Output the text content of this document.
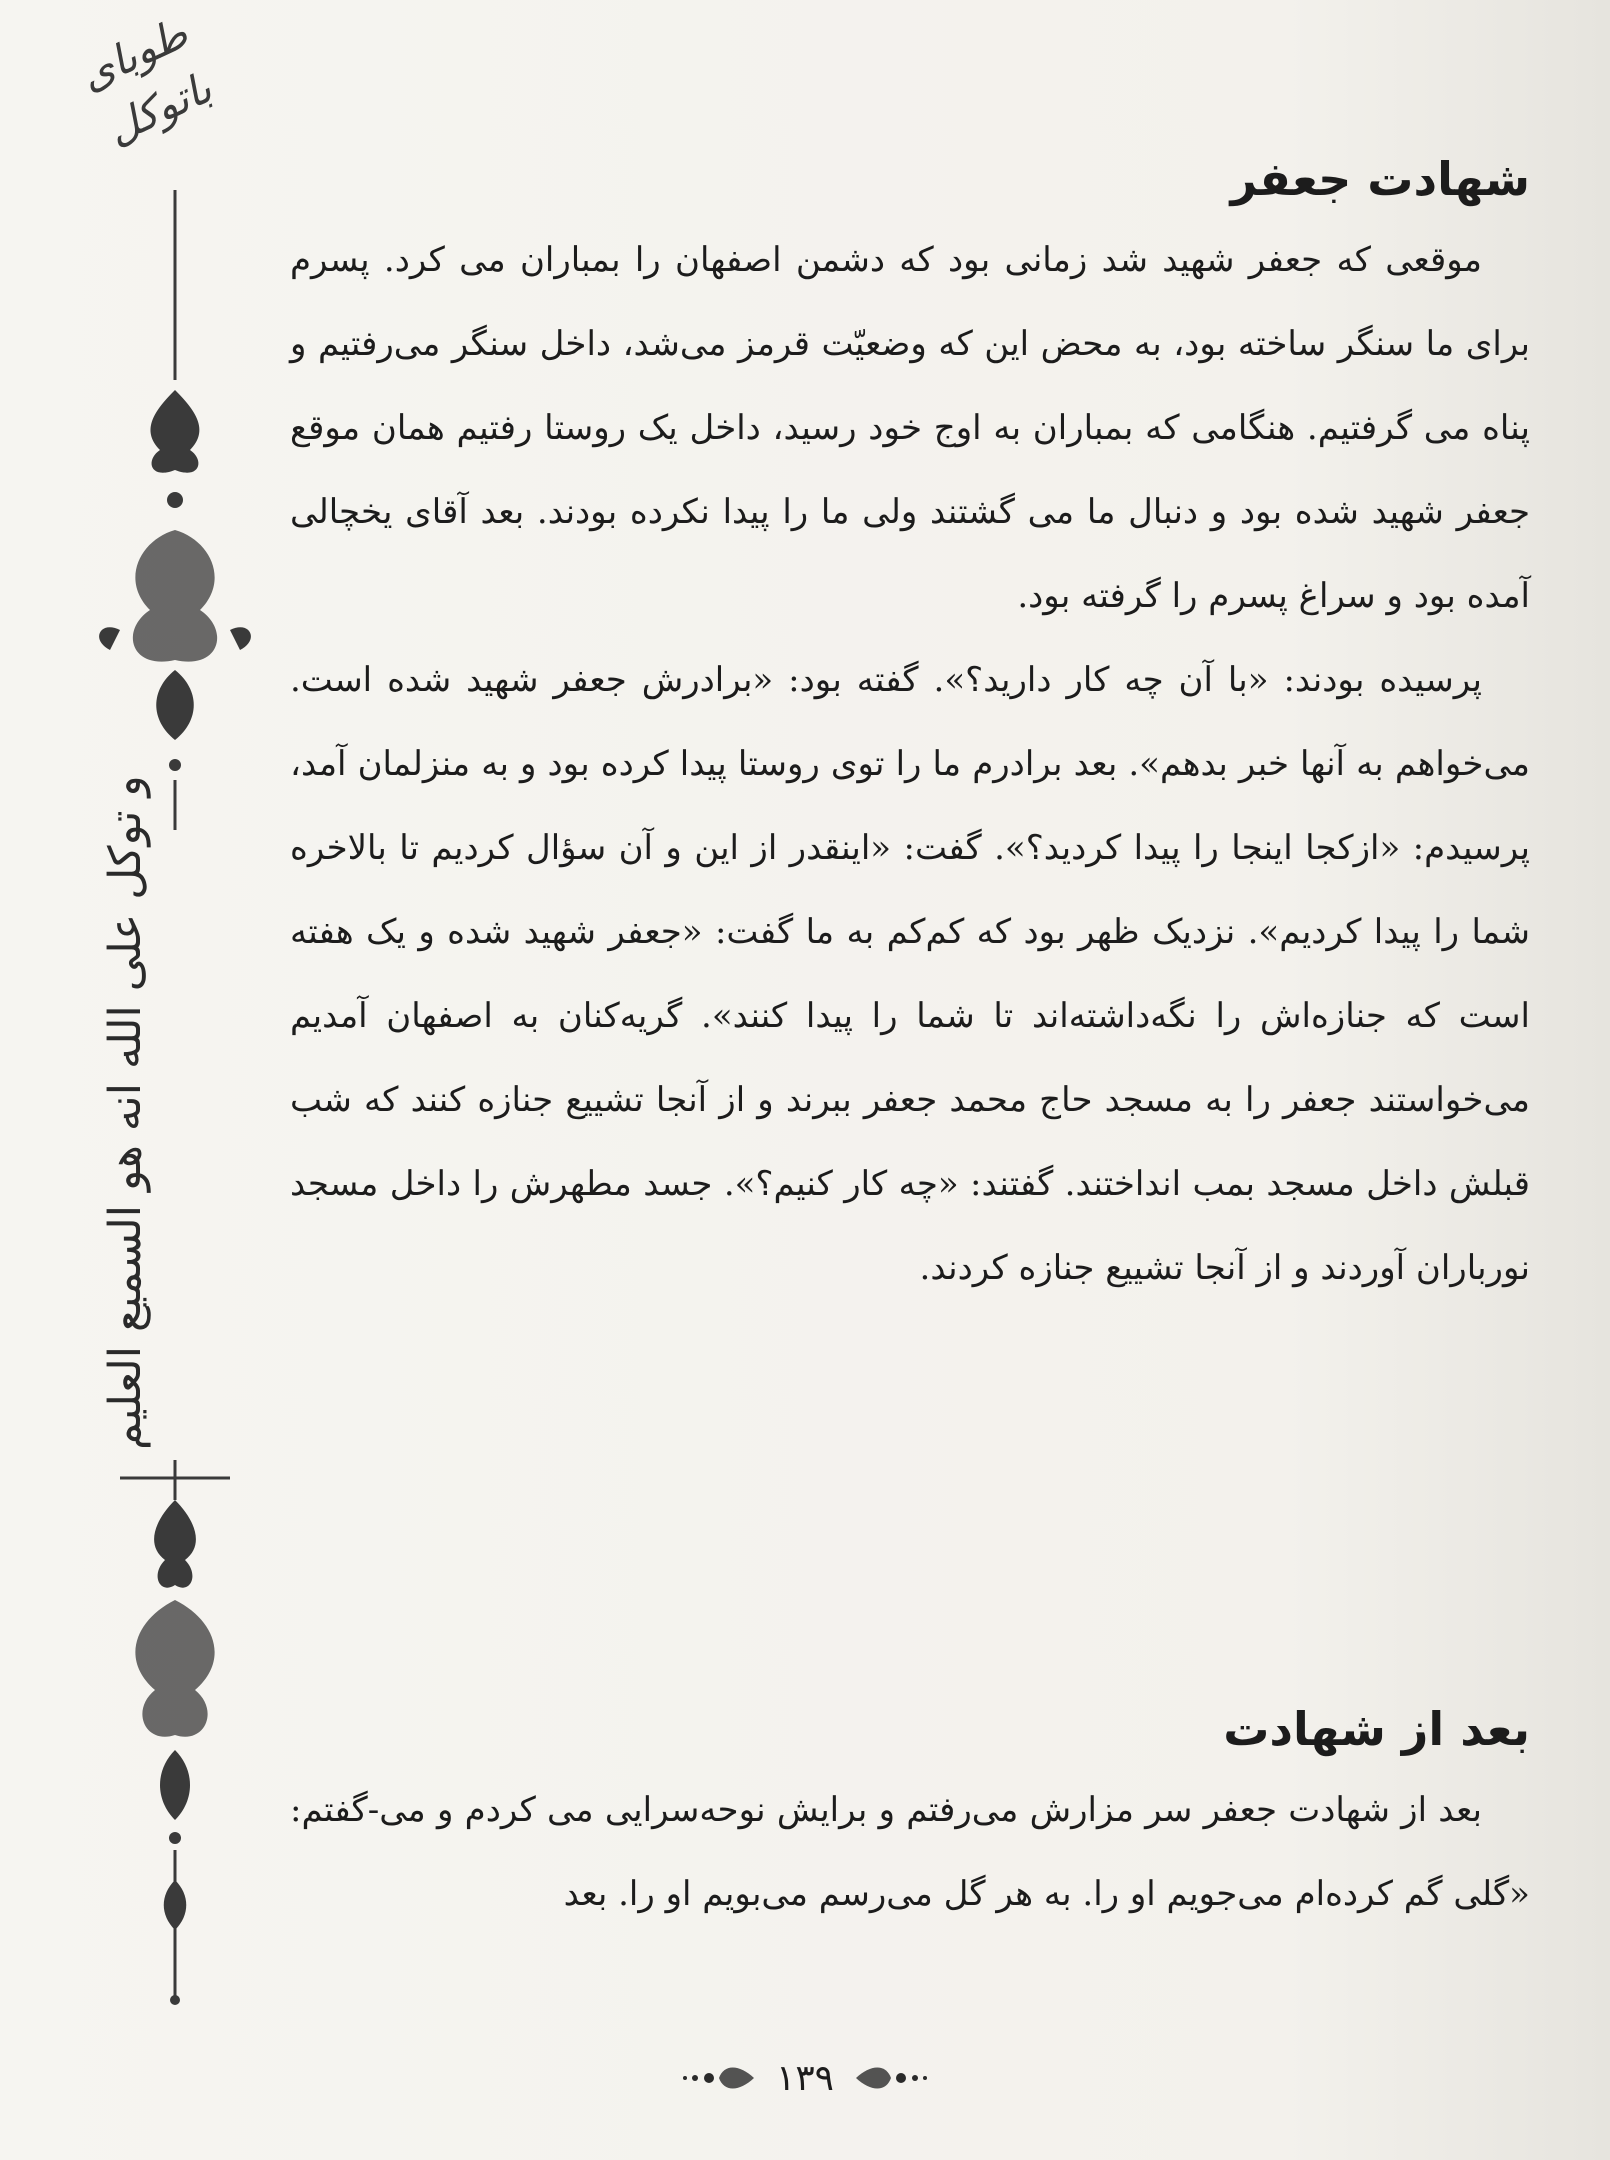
طوبای باتوکل
و توکل علی الله انه هو السمیع العلیم
شهادت جعفر

موقعی که جعفر شهید شد زمانی بود که دشمن اصفهان را بمباران می کرد. پسرم برای ما سنگر ساخته بود، به محض این که وضعیّت قرمز می‌شد، داخل سنگر می‌رفتیم و پناه می گرفتیم. هنگامی که بمباران به اوج خود رسید، داخل یک روستا رفتیم همان موقع جعفر شهید شده بود و دنبال ما می گشتند ولی ما را پیدا نکرده بودند. بعد آقای یخچالی آمده بود و سراغ پسرم را گرفته بود.

پرسیده بودند: «با آن چه کار دارید؟». گفته بود: «برادرش جعفر شهید شده است. می‌خواهم به آنها خبر بدهم». بعد برادرم ما را توی روستا پیدا کرده بود و به منزلمان آمد، پرسیدم: «ازکجا اینجا را پیدا کردید؟». گفت: «اینقدر از این و آن سؤال کردیم تا بالاخره شما را پیدا کردیم». نزدیک ظهر بود که کم‌کم به ما گفت: «جعفر شهید شده و یک هفته است که جنازه‌اش را نگه‌داشته‌اند تا شما را پیدا کنند». گریه‌کنان به اصفهان آمدیم می‌خواستند جعفر را به مسجد حاج محمد جعفر ببرند و از آنجا تشییع جنازه کنند که شب قبلش داخل مسجد بمب انداختند. گفتند: «چه کار کنیم؟». جسد مطهرش را داخل مسجد نورباران آوردند و از آنجا تشییع جنازه کردند.

بعد از شهادت

بعد از شهادت جعفر سر مزارش می‌رفتم و برایش نوحه‌سرایی می کردم و می-گفتم: «گلی گم کرده‌ام می‌جویم او را. به هر گل می‌رسم می‌بویم او را. بعد

۱۳۹
